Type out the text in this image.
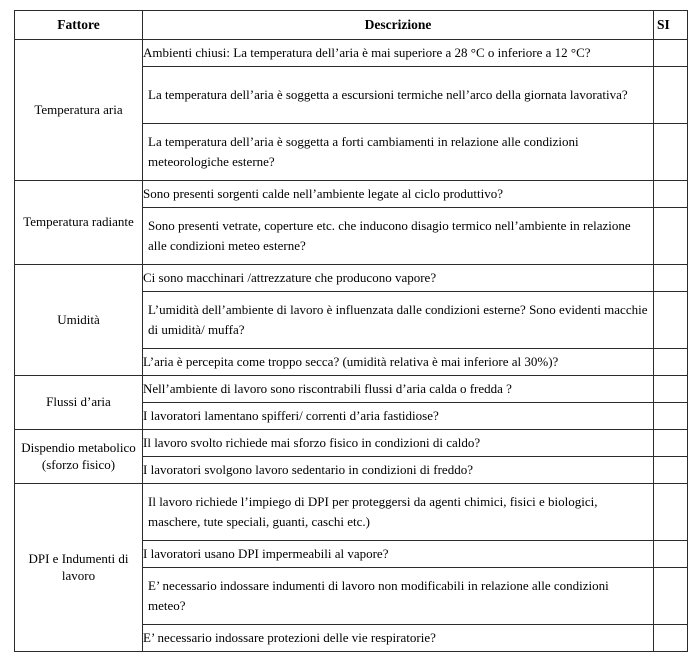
Fattore	Descrizione	SI
Temperatura aria	Ambienti chiusi: La temperatura dell’aria è mai superiore a 28 °C o inferiore a 12 °C?	
	La temperatura dell’aria è soggetta a escursioni termiche nell’arco della giornata lavorativa?	
	La temperatura dell’aria è soggetta a forti cambiamenti in relazione alle condizioni meteorologiche esterne?	
Temperatura radiante	Sono presenti sorgenti calde nell’ambiente legate al ciclo produttivo?	
	Sono presenti vetrate, coperture etc. che inducono disagio termico nell’ambiente in relazione alle condizioni meteo esterne?	
Umidità	Ci sono macchinari /attrezzature che producono vapore?	
	L’umidità dell’ambiente di lavoro è influenzata dalle condizioni esterne? Sono evidenti macchie di umidità/ muffa?	
	L’aria è percepita come troppo secca? (umidità relativa è mai inferiore al 30%)?	
Flussi d’aria	Nell’ambiente di lavoro sono riscontrabili flussi d’aria calda o fredda ?	
	I lavoratori lamentano spifferi/ correnti d’aria fastidiose?	
Dispendio metabolico (sforzo fisico)	Il lavoro svolto richiede mai sforzo fisico in condizioni di caldo?	
	I lavoratori svolgono lavoro sedentario in condizioni di freddo?	
DPI e Indumenti di lavoro	Il lavoro richiede l’impiego di DPI per proteggersi da agenti chimici, fisici e biologici, maschere, tute speciali, guanti, caschi etc.)	
	I lavoratori usano DPI impermeabili al vapore?	
	E’ necessario indossare indumenti di lavoro non modificabili in relazione alle condizioni meteo?	
	E’ necessario indossare protezioni delle vie respiratorie?	
